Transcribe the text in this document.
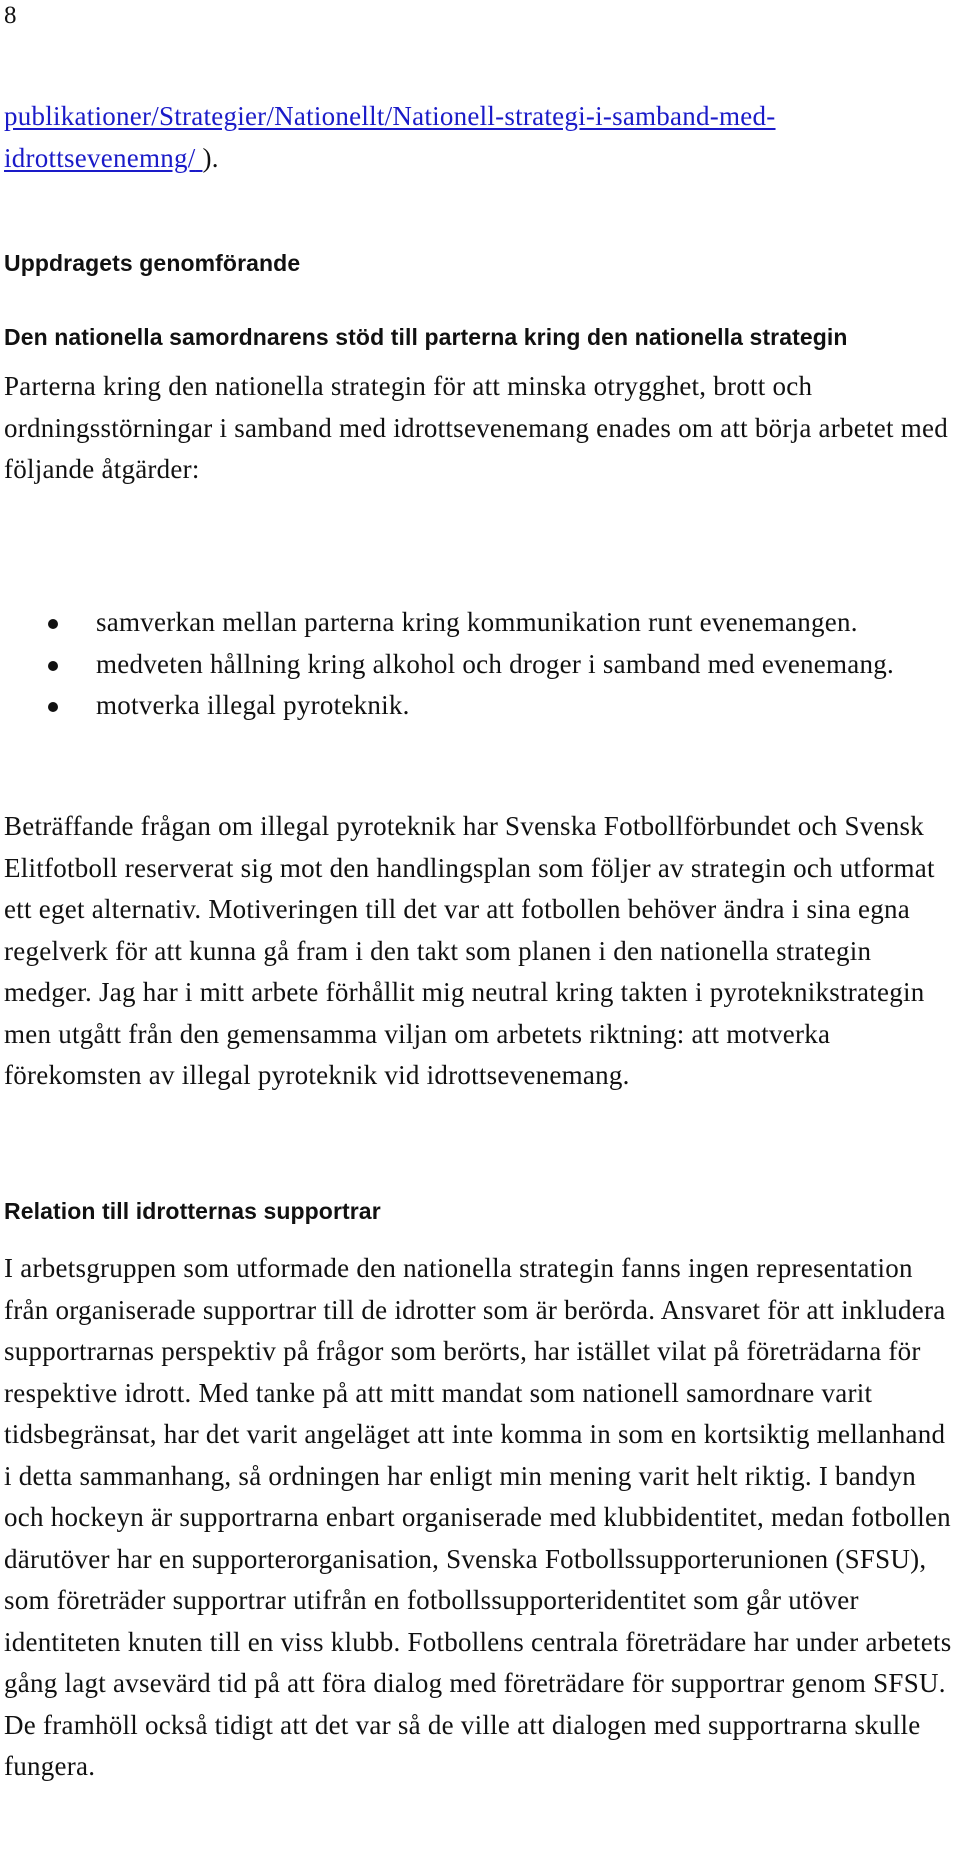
8

publikationer/Strategier/Nationellt/Nationell-strategi-i-samband-med-
idrottsevenemng/ ).

Uppdragets genomförande
Den nationella samordnarens stöd till parterna kring den nationella strategin

Parterna kring den nationella strategin för att minska otrygghet, brott och ordningsstörningar i samband med idrottsevenemang enades om att börja arbetet med följande åtgärder:

samverkan mellan parterna kring kommunikation runt evenemangen.
medveten hållning kring alkohol och droger i samband med evenemang.
motverka illegal pyroteknik.

Beträffande frågan om illegal pyroteknik har Svenska Fotbollförbundet och Svensk Elitfotboll reserverat sig mot den handlingsplan som följer av strategin och utformat ett eget alternativ. Motiveringen till det var att fotbollen behöver ändra i sina egna regelverk för att kunna gå fram i den takt som planen i den nationella strategin medger. Jag har i mitt arbete förhållit mig neutral kring takten i pyroteknikstrategin men utgått från den gemensamma viljan om arbetets riktning: att motverka förekomsten av illegal pyroteknik vid idrottsevenemang.

Relation till idrotternas supportrar

I arbetsgruppen som utformade den nationella strategin fanns ingen representation från organiserade supportrar till de idrotter som är berörda. Ansvaret för att inkludera supportrarnas perspektiv på frågor som berörts, har istället vilat på företrädarna för respektive idrott. Med tanke på att mitt mandat som nationell samordnare varit tidsbegränsat, har det varit angeläget att inte komma in som en kortsiktig mellanhand i detta sammanhang, så ordningen har enligt min mening varit helt riktig. I bandyn och hockeyn är supportrarna enbart organiserade med klubbidentitet, medan fotbollen därutöver har en supporterorganisation, Svenska Fotbollssupporterunionen (SFSU), som företräder supportrar utifrån en fotbollssupporteridentitet som går utöver identiteten knuten till en viss klubb. Fotbollens centrala företrädare har under arbetets gång lagt avsevärd tid på att föra dialog med företrädare för supportrar genom SFSU. De framhöll också tidigt att det var så de ville att dialogen med supportrarna skulle fungera.
